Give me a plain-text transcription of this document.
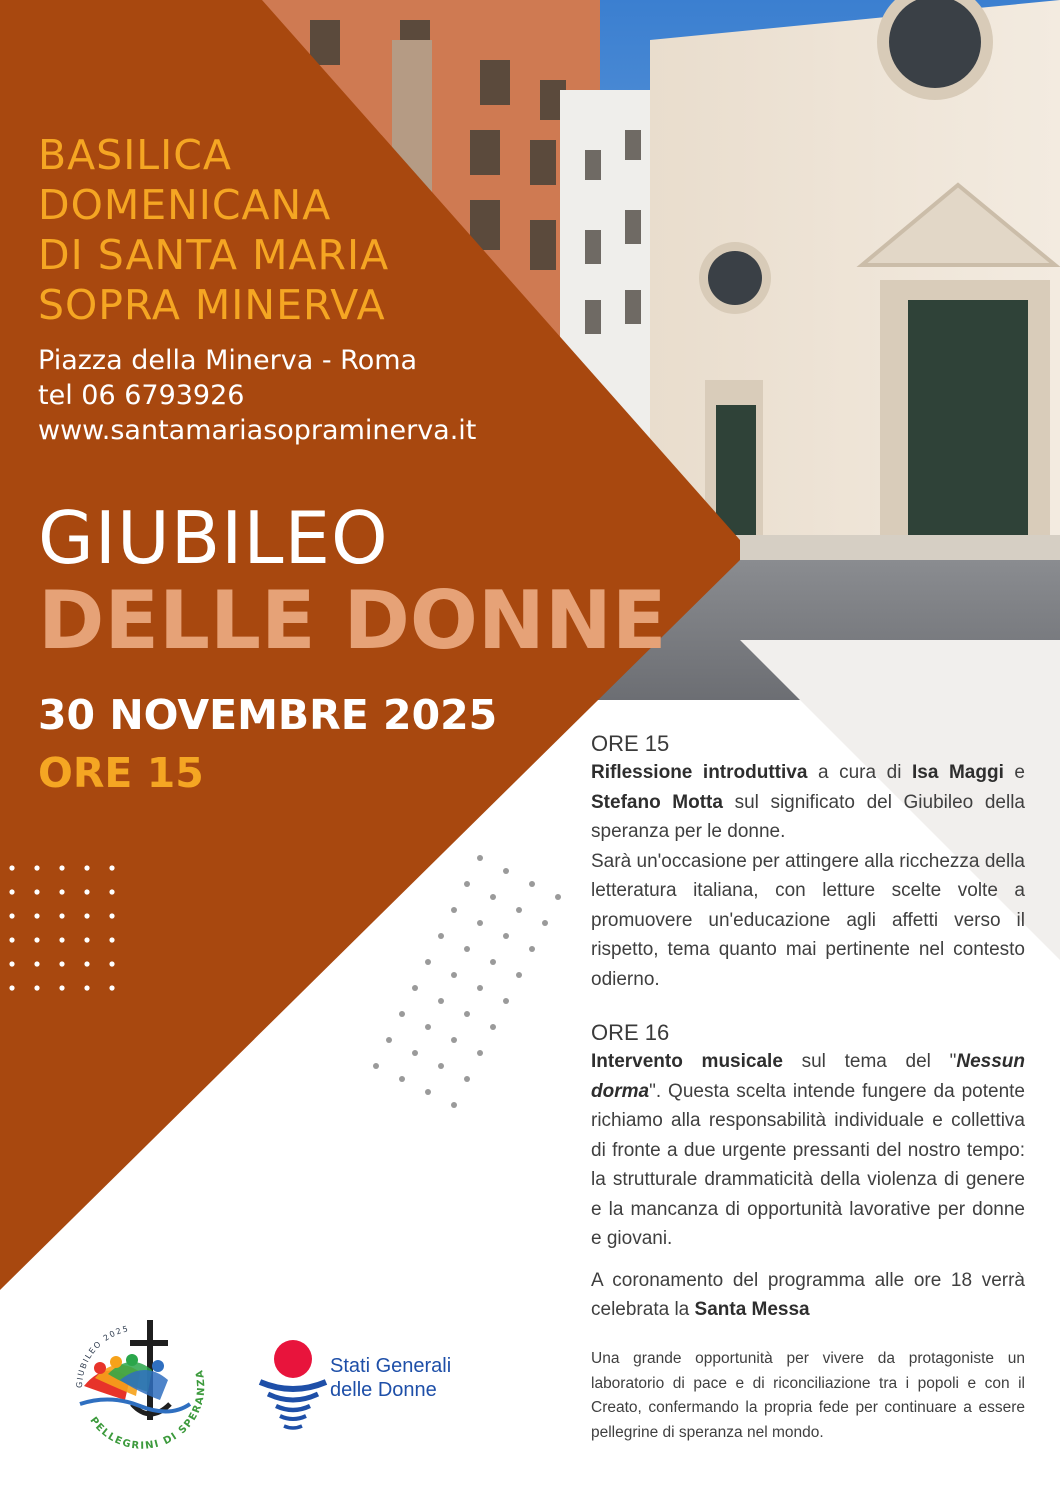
BASILICA
DOMENICANA
DI SANTA MARIA
SOPRA MINERVA
Piazza della Minerva - Roma
tel 06 6793926
www.santamariasopraminerva.it
GIUBILEO
DELLE DONNE
30 NOVEMBRE 2025
ORE 15
ORE 15

Riflessione introduttiva a cura di Isa Maggi e Stefano Motta sul significato del Giubileo della speranza per le donne.

Sarà un'occasione per attingere alla ricchezza della letteratura italiana, con letture scelte volte a promuovere un'educazione agli affetti verso il rispetto, tema quanto mai pertinente nel contesto odierno.

ORE 16

Intervento musicale sul tema del "Nessun dorma". Questa scelta intende fungere da potente richiamo alla responsabilità individuale e collettiva di fronte a due urgente pressanti del nostro tempo: la strutturale drammaticità della violenza di genere e la mancanza di opportunità lavorative per donne e giovani.

A coronamento del programma alle ore 18 verrà celebrata la Santa Messa

Una grande opportunità per vivere da protagoniste un laboratorio di pace e di riconciliazione tra i popoli e con il Creato, confermando la propria fede per continuare a essere pellegrine di speranza nel mondo.

GIUBILEO 2025
PELLEGRINI DI SPERANZA	Stati Generali
delle Donne
